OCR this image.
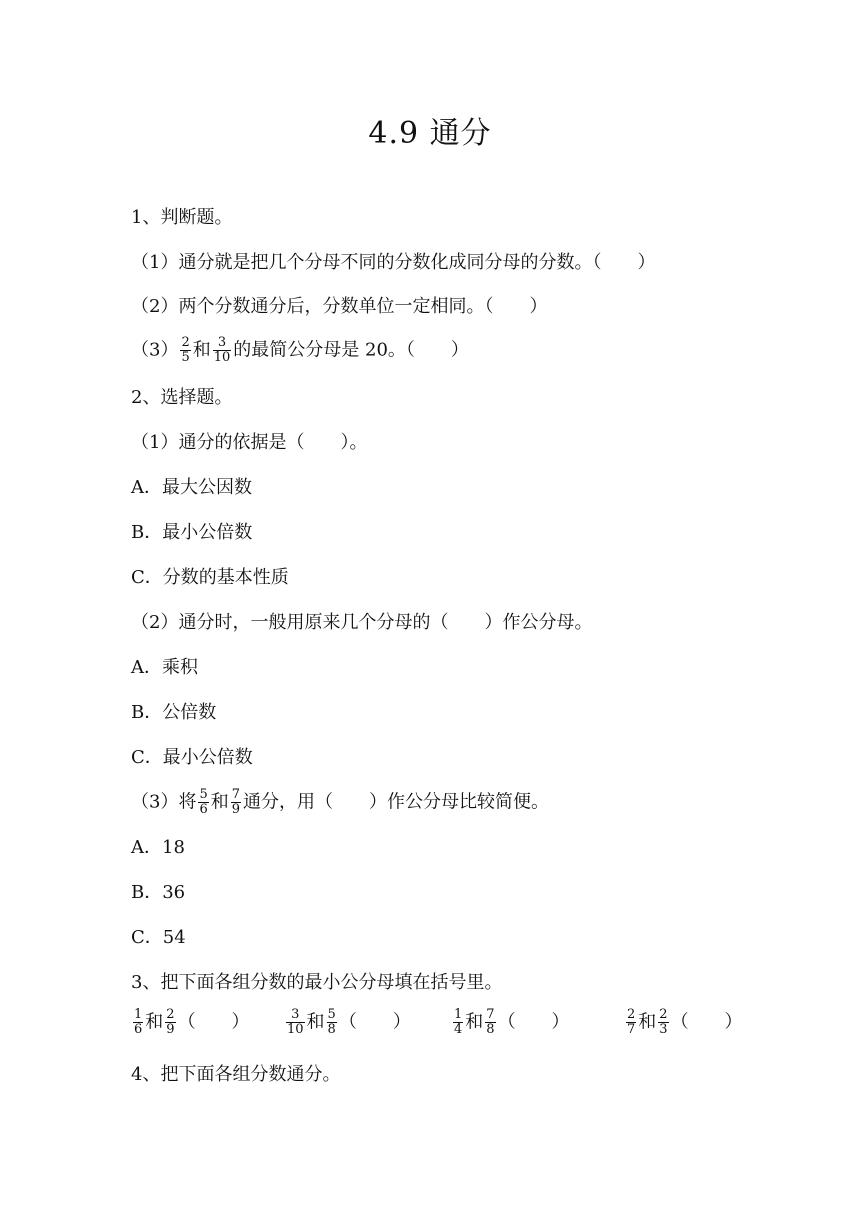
4.9 通分
1、判断题。
（1）通分就是把几个分母不同的分数化成同分母的分数。（　　）
（2）两个分数通分后，分数单位一定相同。（　　）
$(3) \frac{2}{5}$ 和 $\frac{3}{10}$ 的最简公分母是 20。（　　）
2、选择题。
（1）通分的依据是（　　）。
A．最大公因数
B．最小公倍数
C．分数的基本性质
（2）通分时，一般用原来几个分母的（　　）作公分母。
A．乘积
B．公倍数
C．最小公倍数
（3）将 $\frac{5}{6}$ 和 $\frac{7}{9}$ 通分，用（　　）作公分母比较简便。
A．18
B．36
C．54
3、把下面各组分数的最小公分母填在括号里。
$\frac{1}{6}$ 和 $\frac{2}{9}$ （　　）	$\frac{3}{10}$ 和 $\frac{5}{8}$ （　　）	$\frac{1}{4}$ 和 $\frac{7}{8}$ （　　）	$\frac{2}{7}$ 和 $\frac{2}{3}$ （　　）
4、把下面各组分数通分。
